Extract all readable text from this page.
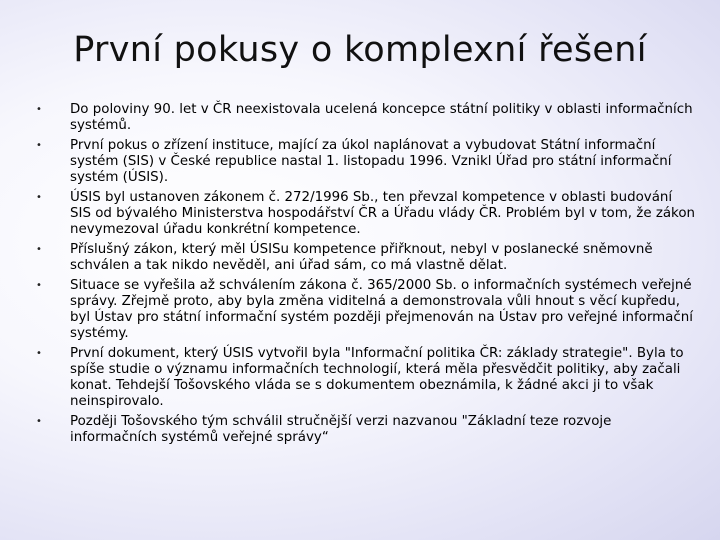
První pokusy o komplexní řešení
• Do poloviny 90. let v ČR neexistovala ucelená koncepce státní politiky v oblasti informačních systémů.
• První pokus o zřízení instituce, mající za úkol naplánovat a vybudovat Státní informační systém (SIS) v České republice nastal 1. listopadu 1996. Vznikl Úřad pro státní informační systém (ÚSIS).
• ÚSIS byl ustanoven zákonem č. 272/1996 Sb., ten převzal kompetence v oblasti budování SIS od bývalého Ministerstva hospodářství ČR a Úřadu vlády ČR. Problém byl v tom, že zákon nevymezoval úřadu konkrétní kompetence.
• Příslušný zákon, který měl ÚSISu kompetence přiřknout, nebyl v poslanecké sněmovně schválen a tak nikdo nevěděl, ani úřad sám, co má vlastně dělat.
• Situace se vyřešila až schválením zákona č. 365/2000 Sb. o informačních systémech veřejné správy. Zřejmě proto, aby byla změna viditelná a demonstrovala vůli hnout s věcí kupředu, byl Ústav pro státní informační systém později přejmenován na Ústav pro veřejné informační systémy.
• První dokument, který ÚSIS vytvořil byla "Informační politika ČR: základy strategie". Byla to spíše studie o významu informačních technologií, která měla přesvědčit politiky, aby začali konat. Tehdejší Tošovského vláda se s dokumentem obeznámila, k žádné akci ji to však neinspirovalo.
• Později Tošovského tým schválil stručnější verzi nazvanou "Základní teze rozvoje informačních systémů veřejné správy“
